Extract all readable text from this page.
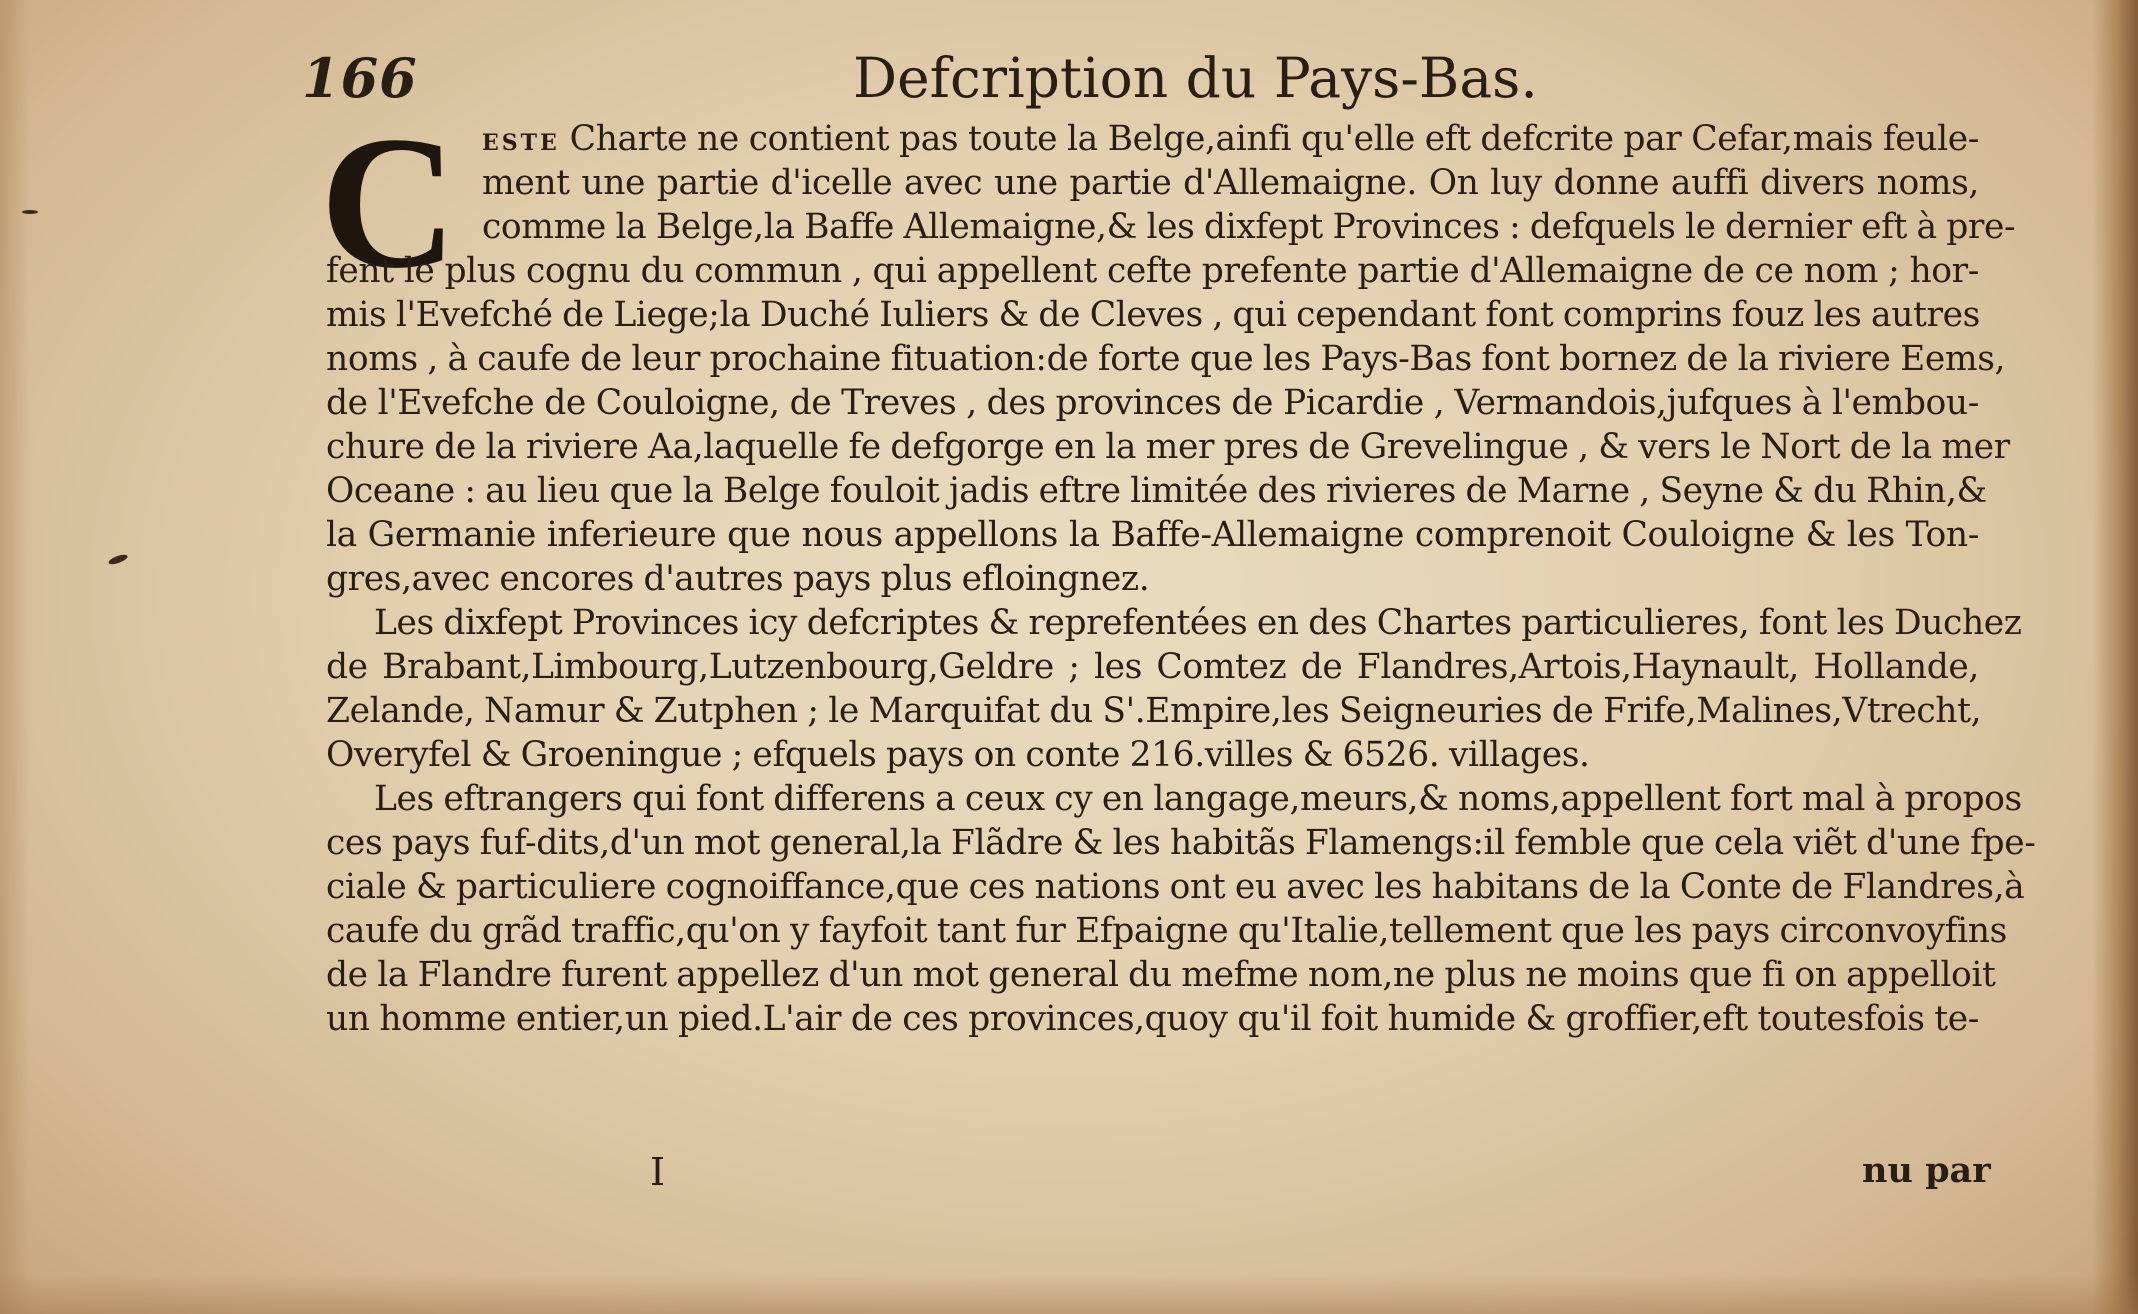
166	Defcription du Pays-Bas.
C ESTE Charte ne contient pas toute la Belge,ainfi qu'elle eft defcrite par Cefar,mais feule-
ment une partie d'icelle avec une partie d'Allemaigne. On luy donne auffi divers noms,
comme la Belge,la Baffe Allemaigne,& les dixfept Provinces : defquels le dernier eft à pre-
fent le plus cognu du commun , qui appellent cefte prefente partie d'Allemaigne de ce nom ; hor-
mis l'Evefché de Liege;la Duché Iuliers & de Cleves , qui cependant font comprins fouz les autres
noms , à caufe de leur prochaine fituation:de forte que les Pays-Bas font bornez de la riviere Eems,
de l'Evefche de Couloigne, de Treves , des provinces de Picardie , Vermandois,jufques à l'embou-
chure de la riviere Aa,laquelle fe defgorge en la mer pres de Grevelingue , & vers le Nort de la mer
Oceane : au lieu que la Belge fouloit jadis eftre limitée des rivieres de Marne , Seyne & du Rhin,&
la Germanie inferieure que nous appellons la Baffe-Allemaigne comprenoit Couloigne & les Ton-
gres,avec encores d'autres pays plus efloingnez.
Les dixfept Provinces icy defcriptes & reprefentées en des Chartes particulieres, font les Duchez
de Brabant,Limbourg,Lutzenbourg,Geldre ; les Comtez de Flandres,Artois,Haynault, Hollande,
Zelande, Namur & Zutphen ; le Marquifat du S'.Empire,les Seigneuries de Frife,Malines,Vtrecht,
Overyfel & Groeningue ; efquels pays on conte 216.villes & 6526. villages.
Les eftrangers qui font differens a ceux cy en langage,meurs,& noms,appellent fort mal à propos
ces pays fuf-dits,d'un mot general,la Flãdre & les habitãs Flamengs:il femble que cela viẽt d'une fpe-
ciale & particuliere cognoiffance,que ces nations ont eu avec les habitans de la Conte de Flandres,à
caufe du grãd traffic,qu'on y fayfoit tant fur Efpaigne qu'Italie,tellement que les pays circonvoyfins
de la Flandre furent appellez d'un mot general du mefme nom,ne plus ne moins que fi on appelloit
un homme entier,un pied.L'air de ces provinces,quoy qu'il foit humide & groffier,eft toutesfois te-
I	nu par
